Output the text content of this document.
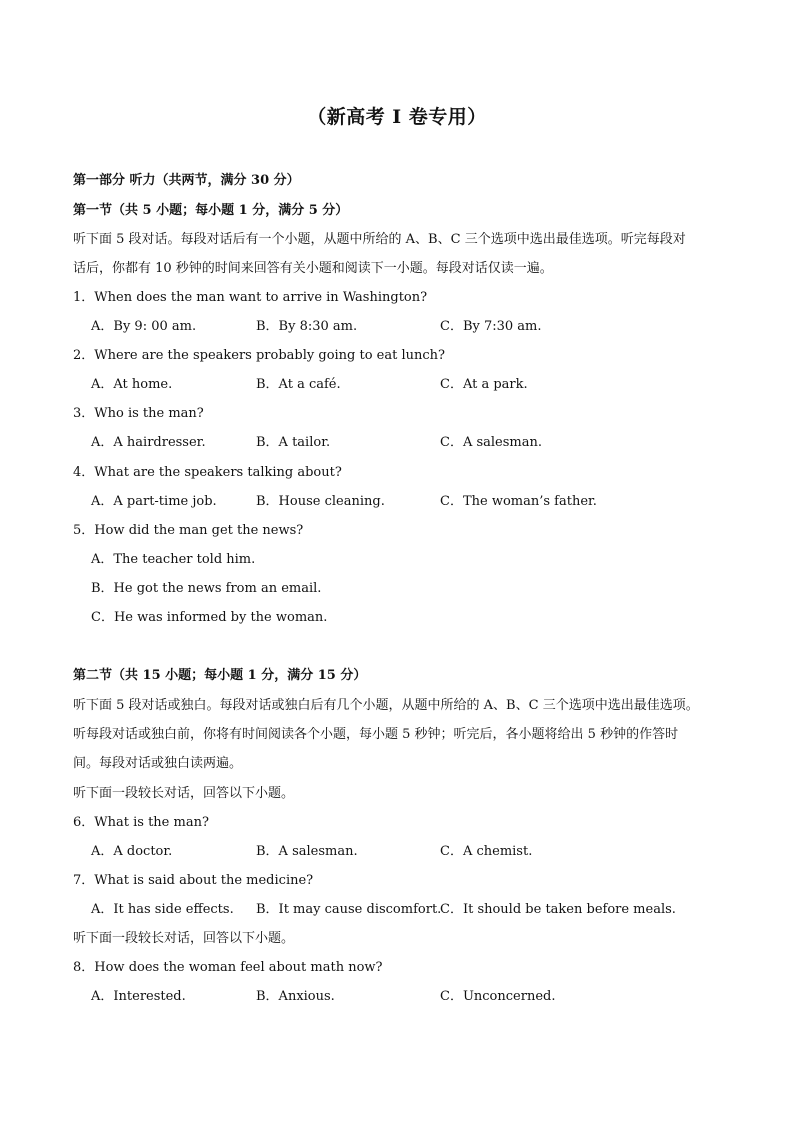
（新高考 I 卷专用）
第一部分 听力（共两节，满分 30 分）
第一节（共 5 小题；每小题 1 分，满分 5 分）
听下面 5 段对话。每段对话后有一个小题，从题中所给的 A、B、C 三个选项中选出最佳选项。听完每段对
话后，你都有 10 秒钟的时间来回答有关小题和阅读下一小题。每段对话仅读一遍。
1．When does the man want to arrive in Washington?
A．By 9: 00 am.	B．By 8:30 am.	C．By 7:30 am.
2．Where are the speakers probably going to eat lunch?
A．At home.	B．At a café.	C．At a park.
3．Who is the man?
A．A hairdresser.	B．A tailor.	C．A salesman.
4．What are the speakers talking about?
A．A part-time job.	B．House cleaning.	C．The woman’s father.
5．How did the man get the news?
A．The teacher told him.
B．He got the news from an email.
C．He was informed by the woman.
第二节（共 15 小题；每小题 1 分，满分 15 分）
听下面 5 段对话或独白。每段对话或独白后有几个小题，从题中所给的 A、B、C 三个选项中选出最佳选项。
听每段对话或独白前，你将有时间阅读各个小题，每小题 5 秒钟；听完后，各小题将给出 5 秒钟的作答时
间。每段对话或独白读两遍。
听下面一段较长对话，回答以下小题。
6．What is the man?
A．A doctor.	B．A salesman.	C．A chemist.
7．What is said about the medicine?
A．It has side effects. B．It may cause discomfort.
C．It should be taken before meals.
听下面一段较长对话，回答以下小题。
8．How does the woman feel about math now?
A．Interested.	B．Anxious.	C．Unconcerned.
